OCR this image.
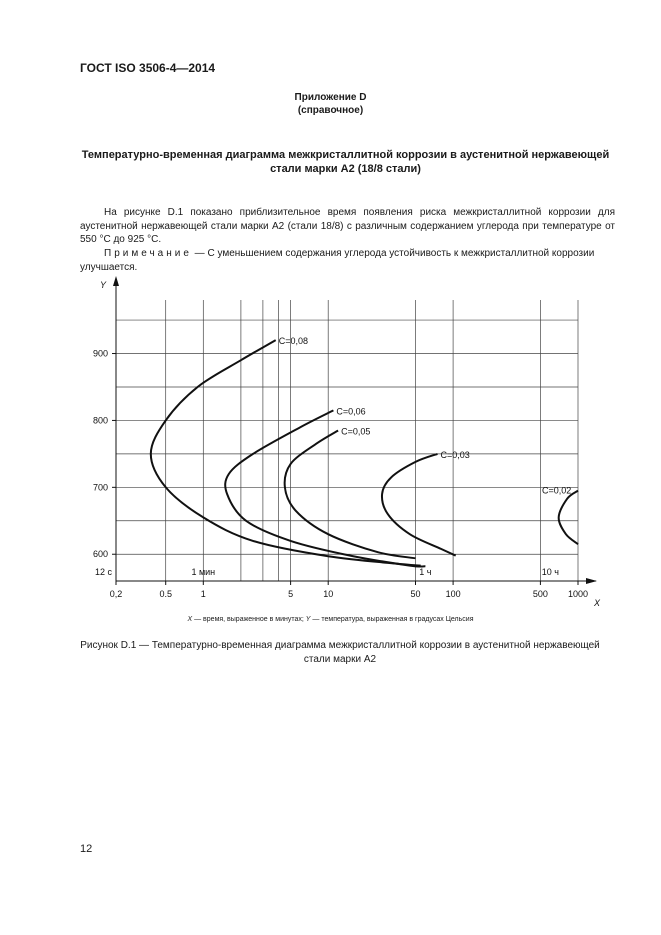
ГОСТ ISO 3506-4—2014
Приложение D
(справочное)
Температурно-временная диаграмма межкристаллитной коррозии в аустенитной нержавеющей стали марки А2 (18/8 стали)
На рисунке D.1 показано приблизительное время появления риска межкристаллитной коррозии для аустенитной нержавеющей стали марки А2 (стали 18/8) с различным содержанием углерода при температуре от 550 °С до 925 °С.
Примечание — С уменьшением содержания углерода устойчивость к межкристаллитной коррозии улучшается.
Y
X
600
700
800
900
0,2	0.5	1	5	10	50	100	500 1000
12 с	1 мин	1 ч	10 ч
С=0,08
С=0,06
С=0,05
С=0,03
С=0,02
X — время, выраженное в минутах; Y — температура, выраженная в градусах Цельсия
Рисунок D.1 — Температурно-временная диаграмма межкристаллитной коррозии в аустенитной нержавеющей стали марки А2
12
